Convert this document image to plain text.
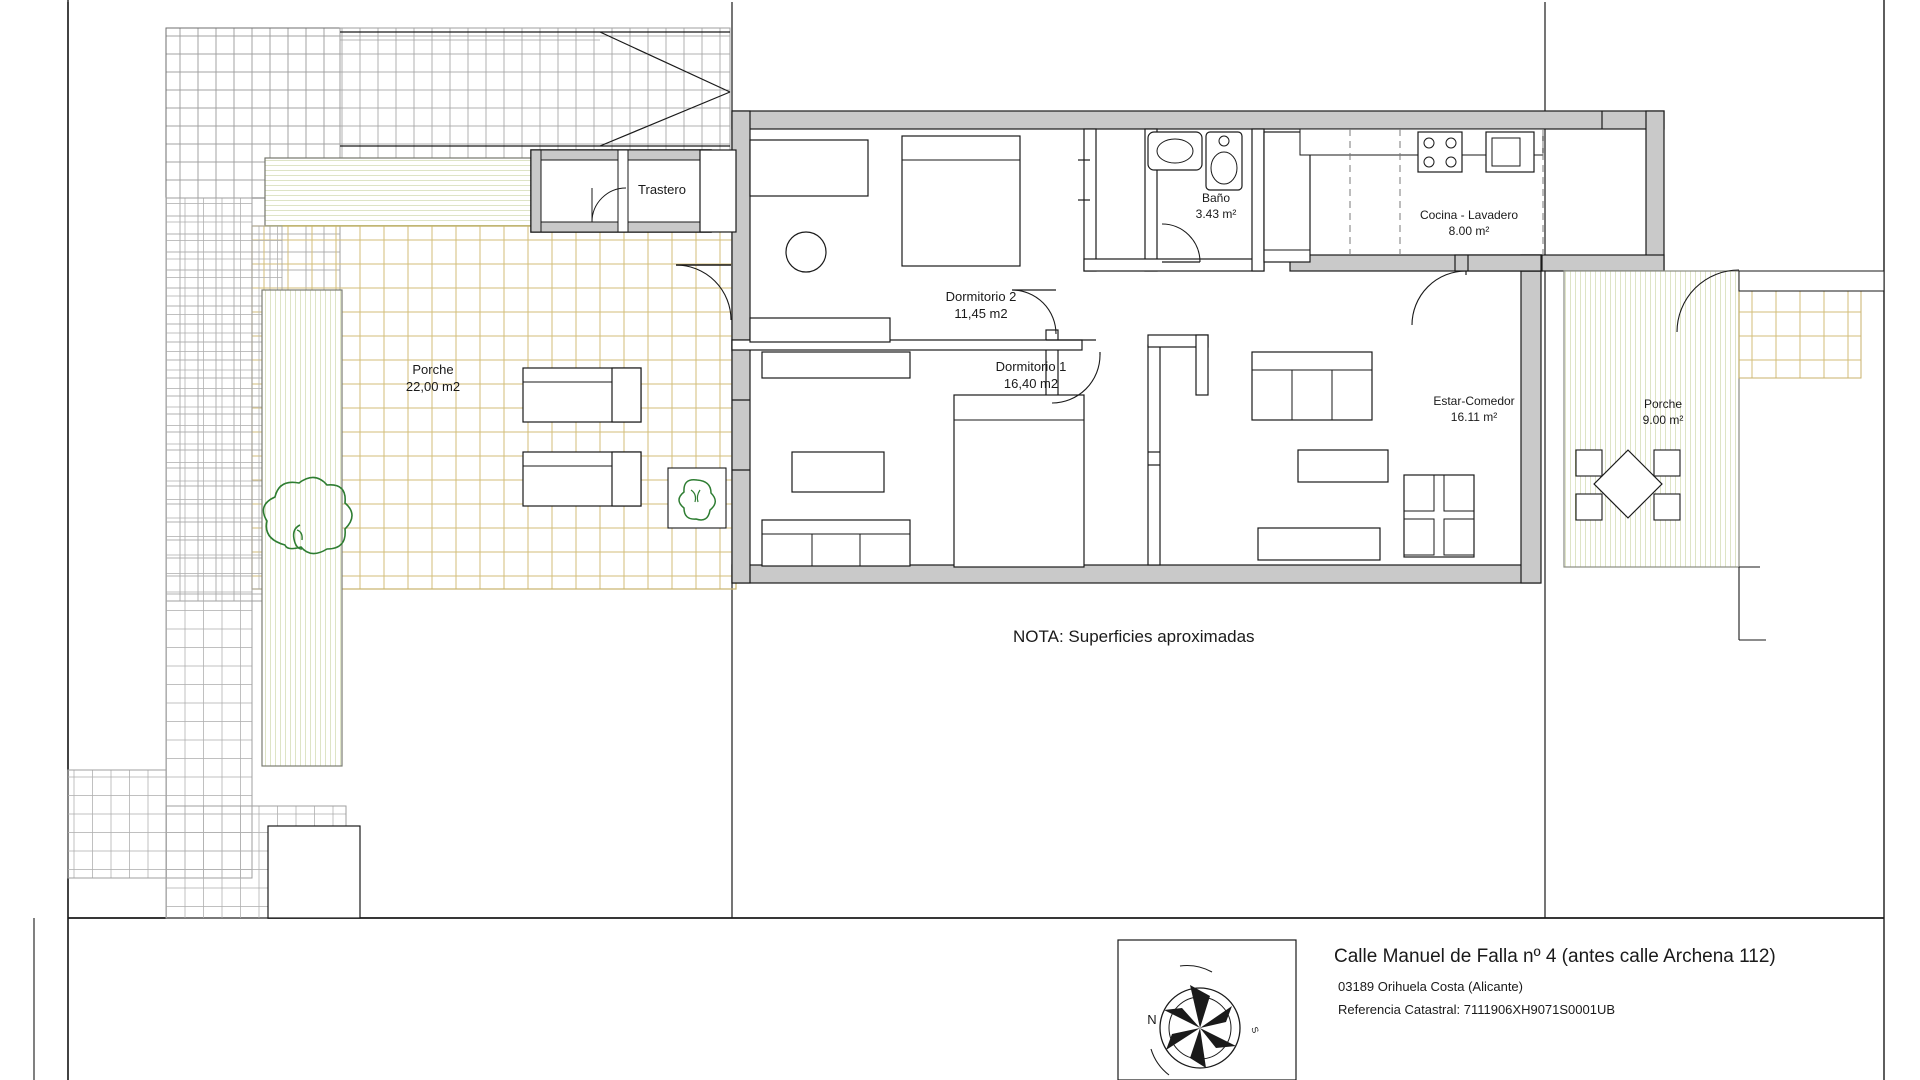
Porche
22,00 m2
Trastero
Dormitorio 2
11,45 m2
Baño
3.43 m²	Cocina - Lavadero
8.00 m²
Dormitorio 1
16,40 m2
Estar-Comedor
16.11 m²
Porche
9.00 m²
NOTA: Superficies aproximadas
N
S
Calle Manuel de Falla nº 4 (antes calle Archena 112)
03189 Orihuela Costa (Alicante)
Referencia Catastral: 7111906XH9071S0001UB
